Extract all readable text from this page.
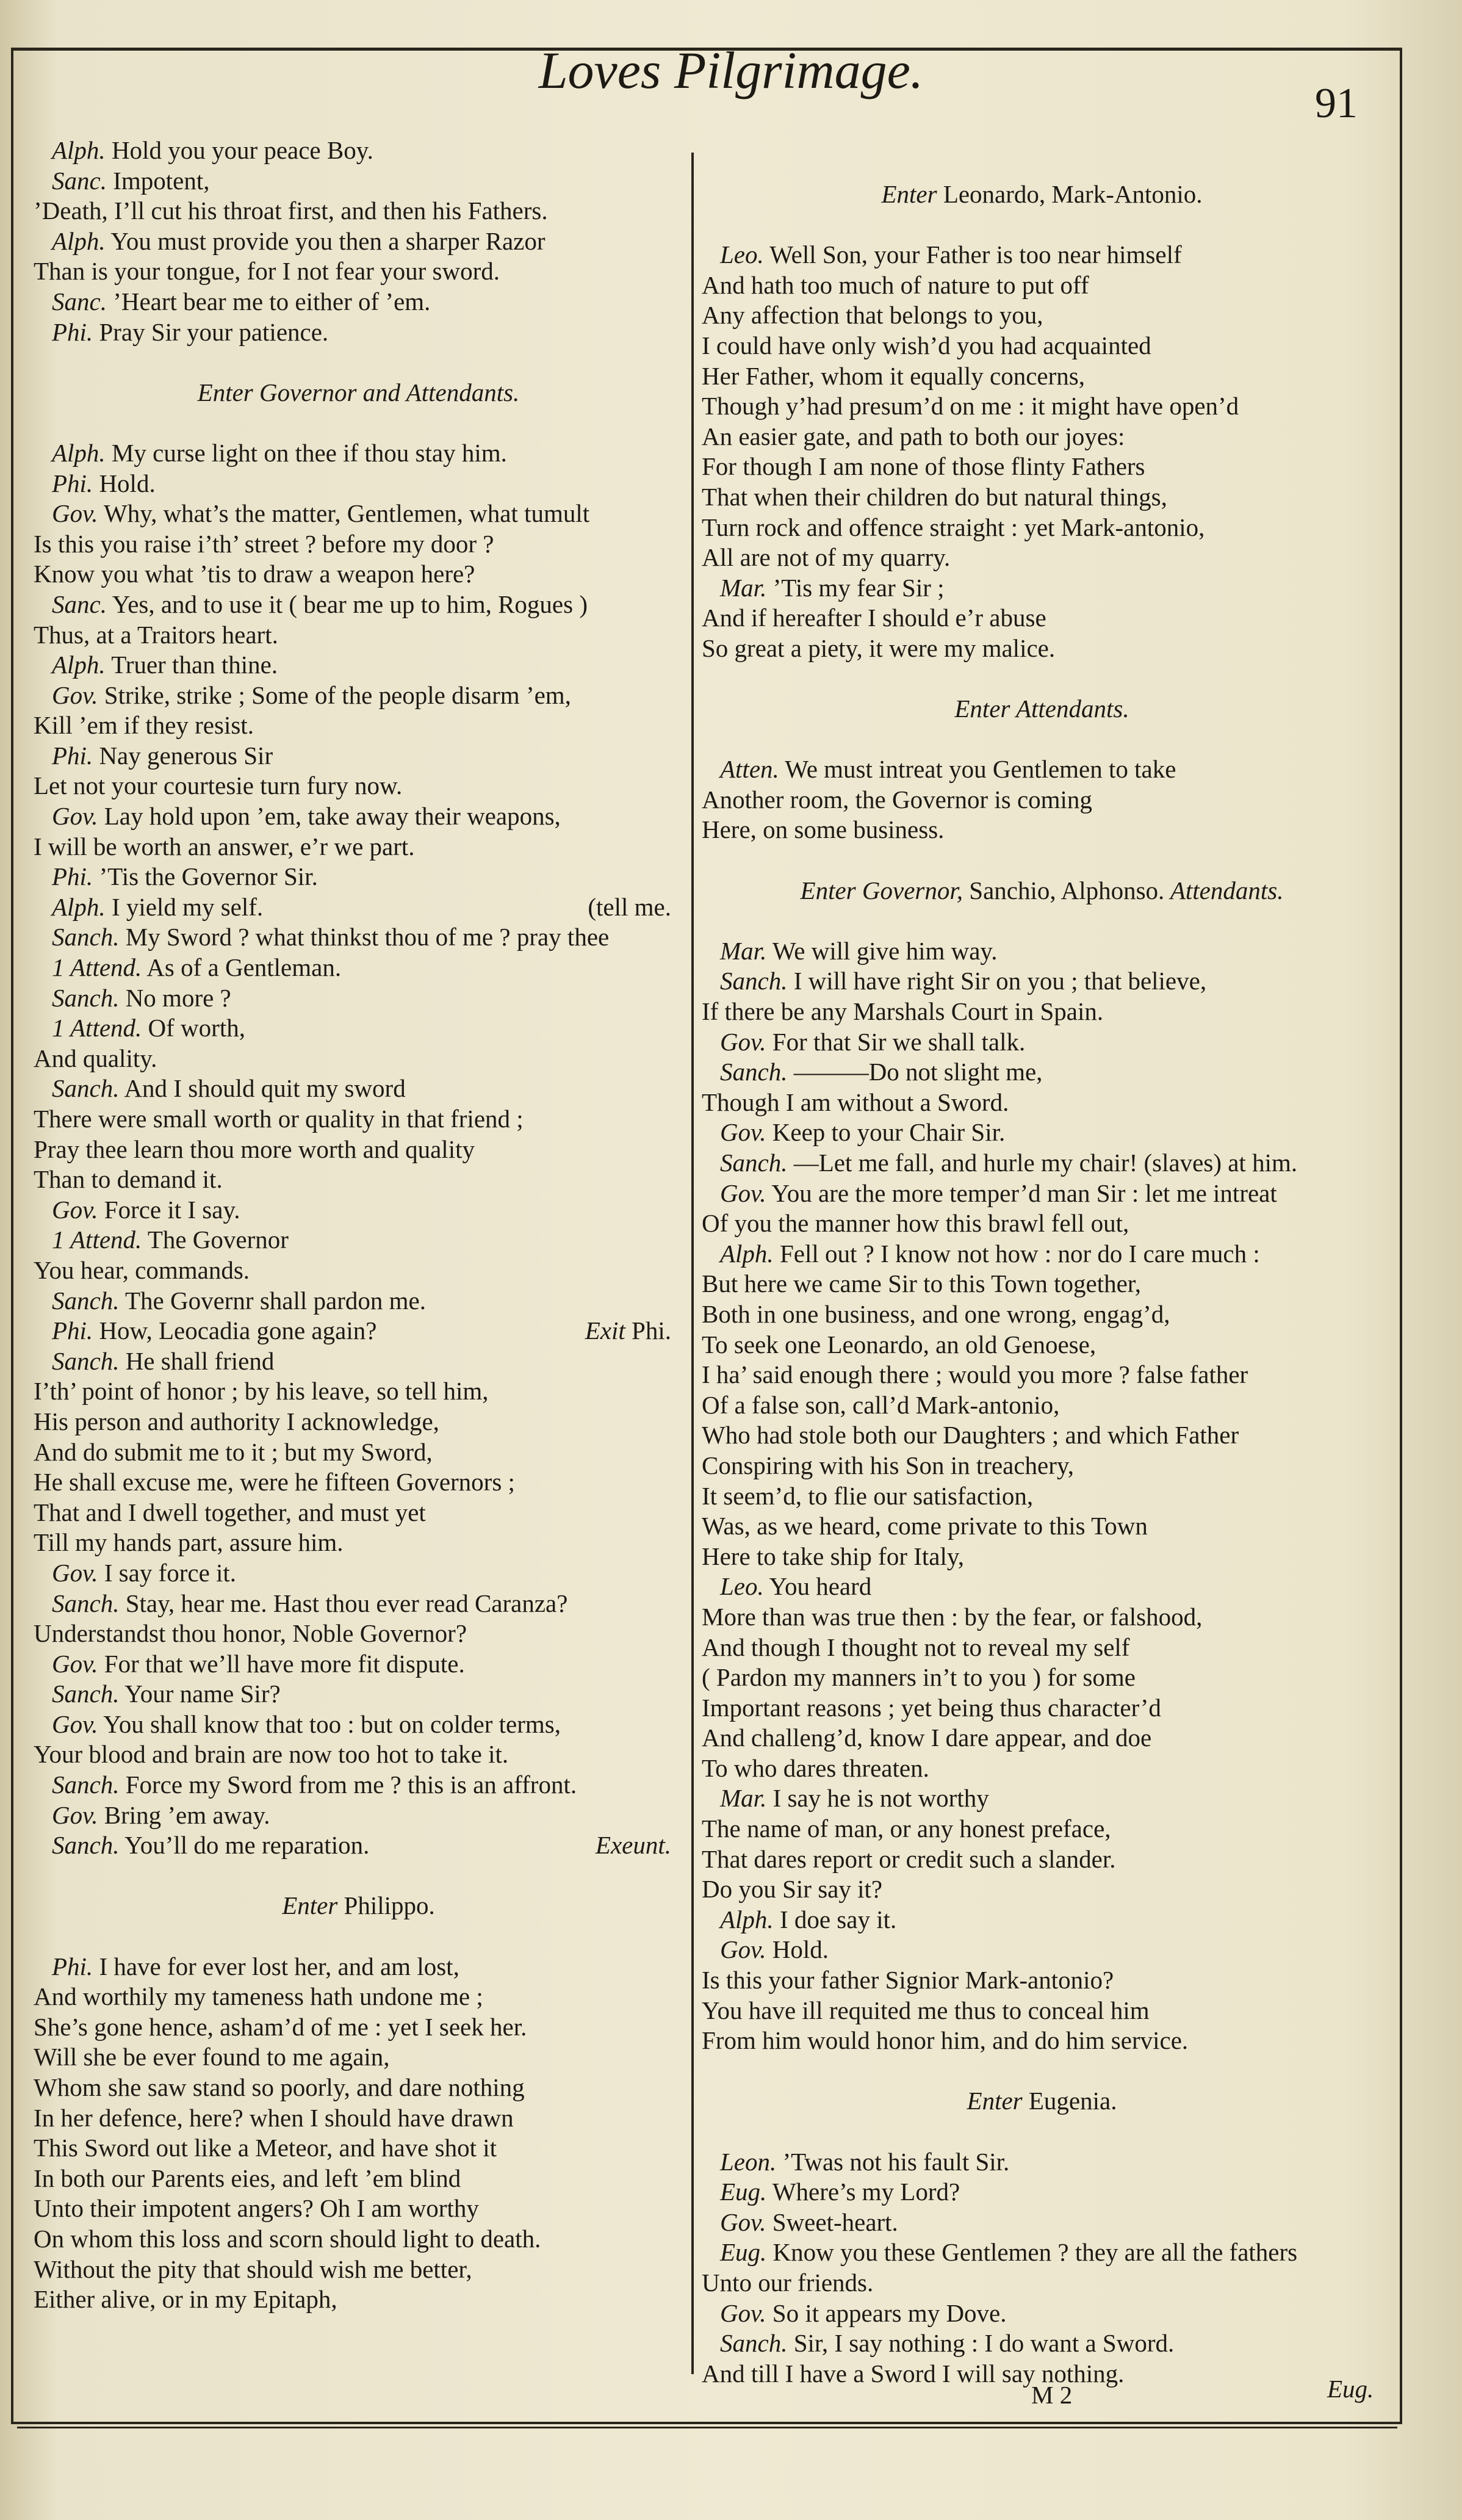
Loves Pilgrimage.
91
Alph. Hold you your peace Boy.
Sanc. Impotent,
’Death, I’ll cut his throat first, and then his Fathers.
Alph. You must provide you then a sharper Razor
Than is your tongue, for I not fear your sword.
Sanc. ’Heart bear me to either of ’em.
Phi. Pray Sir your patience.
Enter Governor and Attendants.
Alph. My curse light on thee if thou stay him.
Phi. Hold.
Gov. Why, what’s the matter, Gentlemen, what tumult
Is this you raise i’th’ street ? before my door ?
Know you what ’tis to draw a weapon here?
Sanc. Yes, and to use it ( bear me up to him, Rogues )
Thus, at a Traitors heart.
Alph. Truer than thine.
Gov. Strike, strike ; Some of the people disarm ’em,
Kill ’em if they resist.
Phi. Nay generous Sir
Let not your courtesie turn fury now.
Gov. Lay hold upon ’em, take away their weapons,
I will be worth an answer, e’r we part.
Phi. ’Tis the Governor Sir.
Alph. I yield my self.	(tell me.
Sanch. My Sword ? what thinkst thou of me ? pray thee
1 Attend. As of a Gentleman.
Sanch. No more ?
1 Attend. Of worth,
And quality.
Sanch. And I should quit my sword
There were small worth or quality in that friend ;
Pray thee learn thou more worth and quality
Than to demand it.
Gov. Force it I say.
1 Attend. The Governor
You hear, commands.
Sanch. The Governr shall pardon me.
Phi. How, Leocadia gone again?	Exit Phi.
Sanch. He shall friend
I’th’ point of honor ; by his leave, so tell him,
His person and authority I acknowledge,
And do submit me to it ; but my Sword,
He shall excuse me, were he fifteen Governors ;
That and I dwell together, and must yet
Till my hands part, assure him.
Gov. I say force it.
Sanch. Stay, hear me. Hast thou ever read Caranza?
Understandst thou honor, Noble Governor?
Gov. For that we’ll have more fit dispute.
Sanch. Your name Sir?
Gov. You shall know that too : but on colder terms,
Your blood and brain are now too hot to take it.
Sanch. Force my Sword from me ? this is an affront.
Gov. Bring ’em away.
Sanch. You’ll do me reparation.	Exeunt.
Enter Philippo.
Phi. I have for ever lost her, and am lost,
And worthily my tameness hath undone me ;
She’s gone hence, asham’d of me : yet I seek her.
Will she be ever found to me again,
Whom she saw stand so poorly, and dare nothing
In her defence, here? when I should have drawn
This Sword out like a Meteor, and have shot it
In both our Parents eies, and left ’em blind
Unto their impotent angers? Oh I am worthy
On whom this loss and scorn should light to death.
Without the pity that should wish me better,
Either alive, or in my Epitaph,
Enter Leonardo, Mark-Antonio.
Leo. Well Son, your Father is too near himself
And hath too much of nature to put off
Any affection that belongs to you,
I could have only wish’d you had acquainted
Her Father, whom it equally concerns,
Though y’had presum’d on me : it might have open’d
An easier gate, and path to both our joyes:
For though I am none of those flinty Fathers
That when their children do but natural things,
Turn rock and offence straight : yet Mark-antonio,
All are not of my quarry.
Mar. ’Tis my fear Sir ;
And if hereafter I should e’r abuse
So great a piety, it were my malice.
Enter Attendants.
Atten. We must intreat you Gentlemen to take
Another room, the Governor is coming
Here, on some business.
Enter Governor, Sanchio, Alphonso. Attendants.
Mar. We will give him way.
Sanch. I will have right Sir on you ; that believe,
If there be any Marshals Court in Spain.
Gov. For that Sir we shall talk.
Sanch. ———Do not slight me,
Though I am without a Sword.
Gov. Keep to your Chair Sir.
Sanch. —Let me fall, and hurle my chair! (slaves) at him.
Gov. You are the more temper’d man Sir : let me intreat
Of you the manner how this brawl fell out,
Alph. Fell out ? I know not how : nor do I care much :
But here we came Sir to this Town together,
Both in one business, and one wrong, engag’d,
To seek one Leonardo, an old Genoese,
I ha’ said enough there ; would you more ? false father
Of a false son, call’d Mark-antonio,
Who had stole both our Daughters ; and which Father
Conspiring with his Son in treachery,
It seem’d, to flie our satisfaction,
Was, as we heard, come private to this Town
Here to take ship for Italy,
Leo. You heard
More than was true then : by the fear, or falshood,
And though I thought not to reveal my self
( Pardon my manners in’t to you ) for some
Important reasons ; yet being thus character’d
And challeng’d, know I dare appear, and doe
To who dares threaten.
Mar. I say he is not worthy
The name of man, or any honest preface,
That dares report or credit such a slander.
Do you Sir say it?
Alph. I doe say it.
Gov. Hold.
Is this your father Signior Mark-antonio?
You have ill requited me thus to conceal him
From him would honor him, and do him service.
Enter Eugenia.
Leon. ’Twas not his fault Sir.
Eug. Where’s my Lord?
Gov. Sweet-heart.
Eug. Know you these Gentlemen ? they are all the fathers
Unto our friends.
Gov. So it appears my Dove.
Sanch. Sir, I say nothing : I do want a Sword.
And till I have a Sword I will say nothing.
M 2	Eug.
